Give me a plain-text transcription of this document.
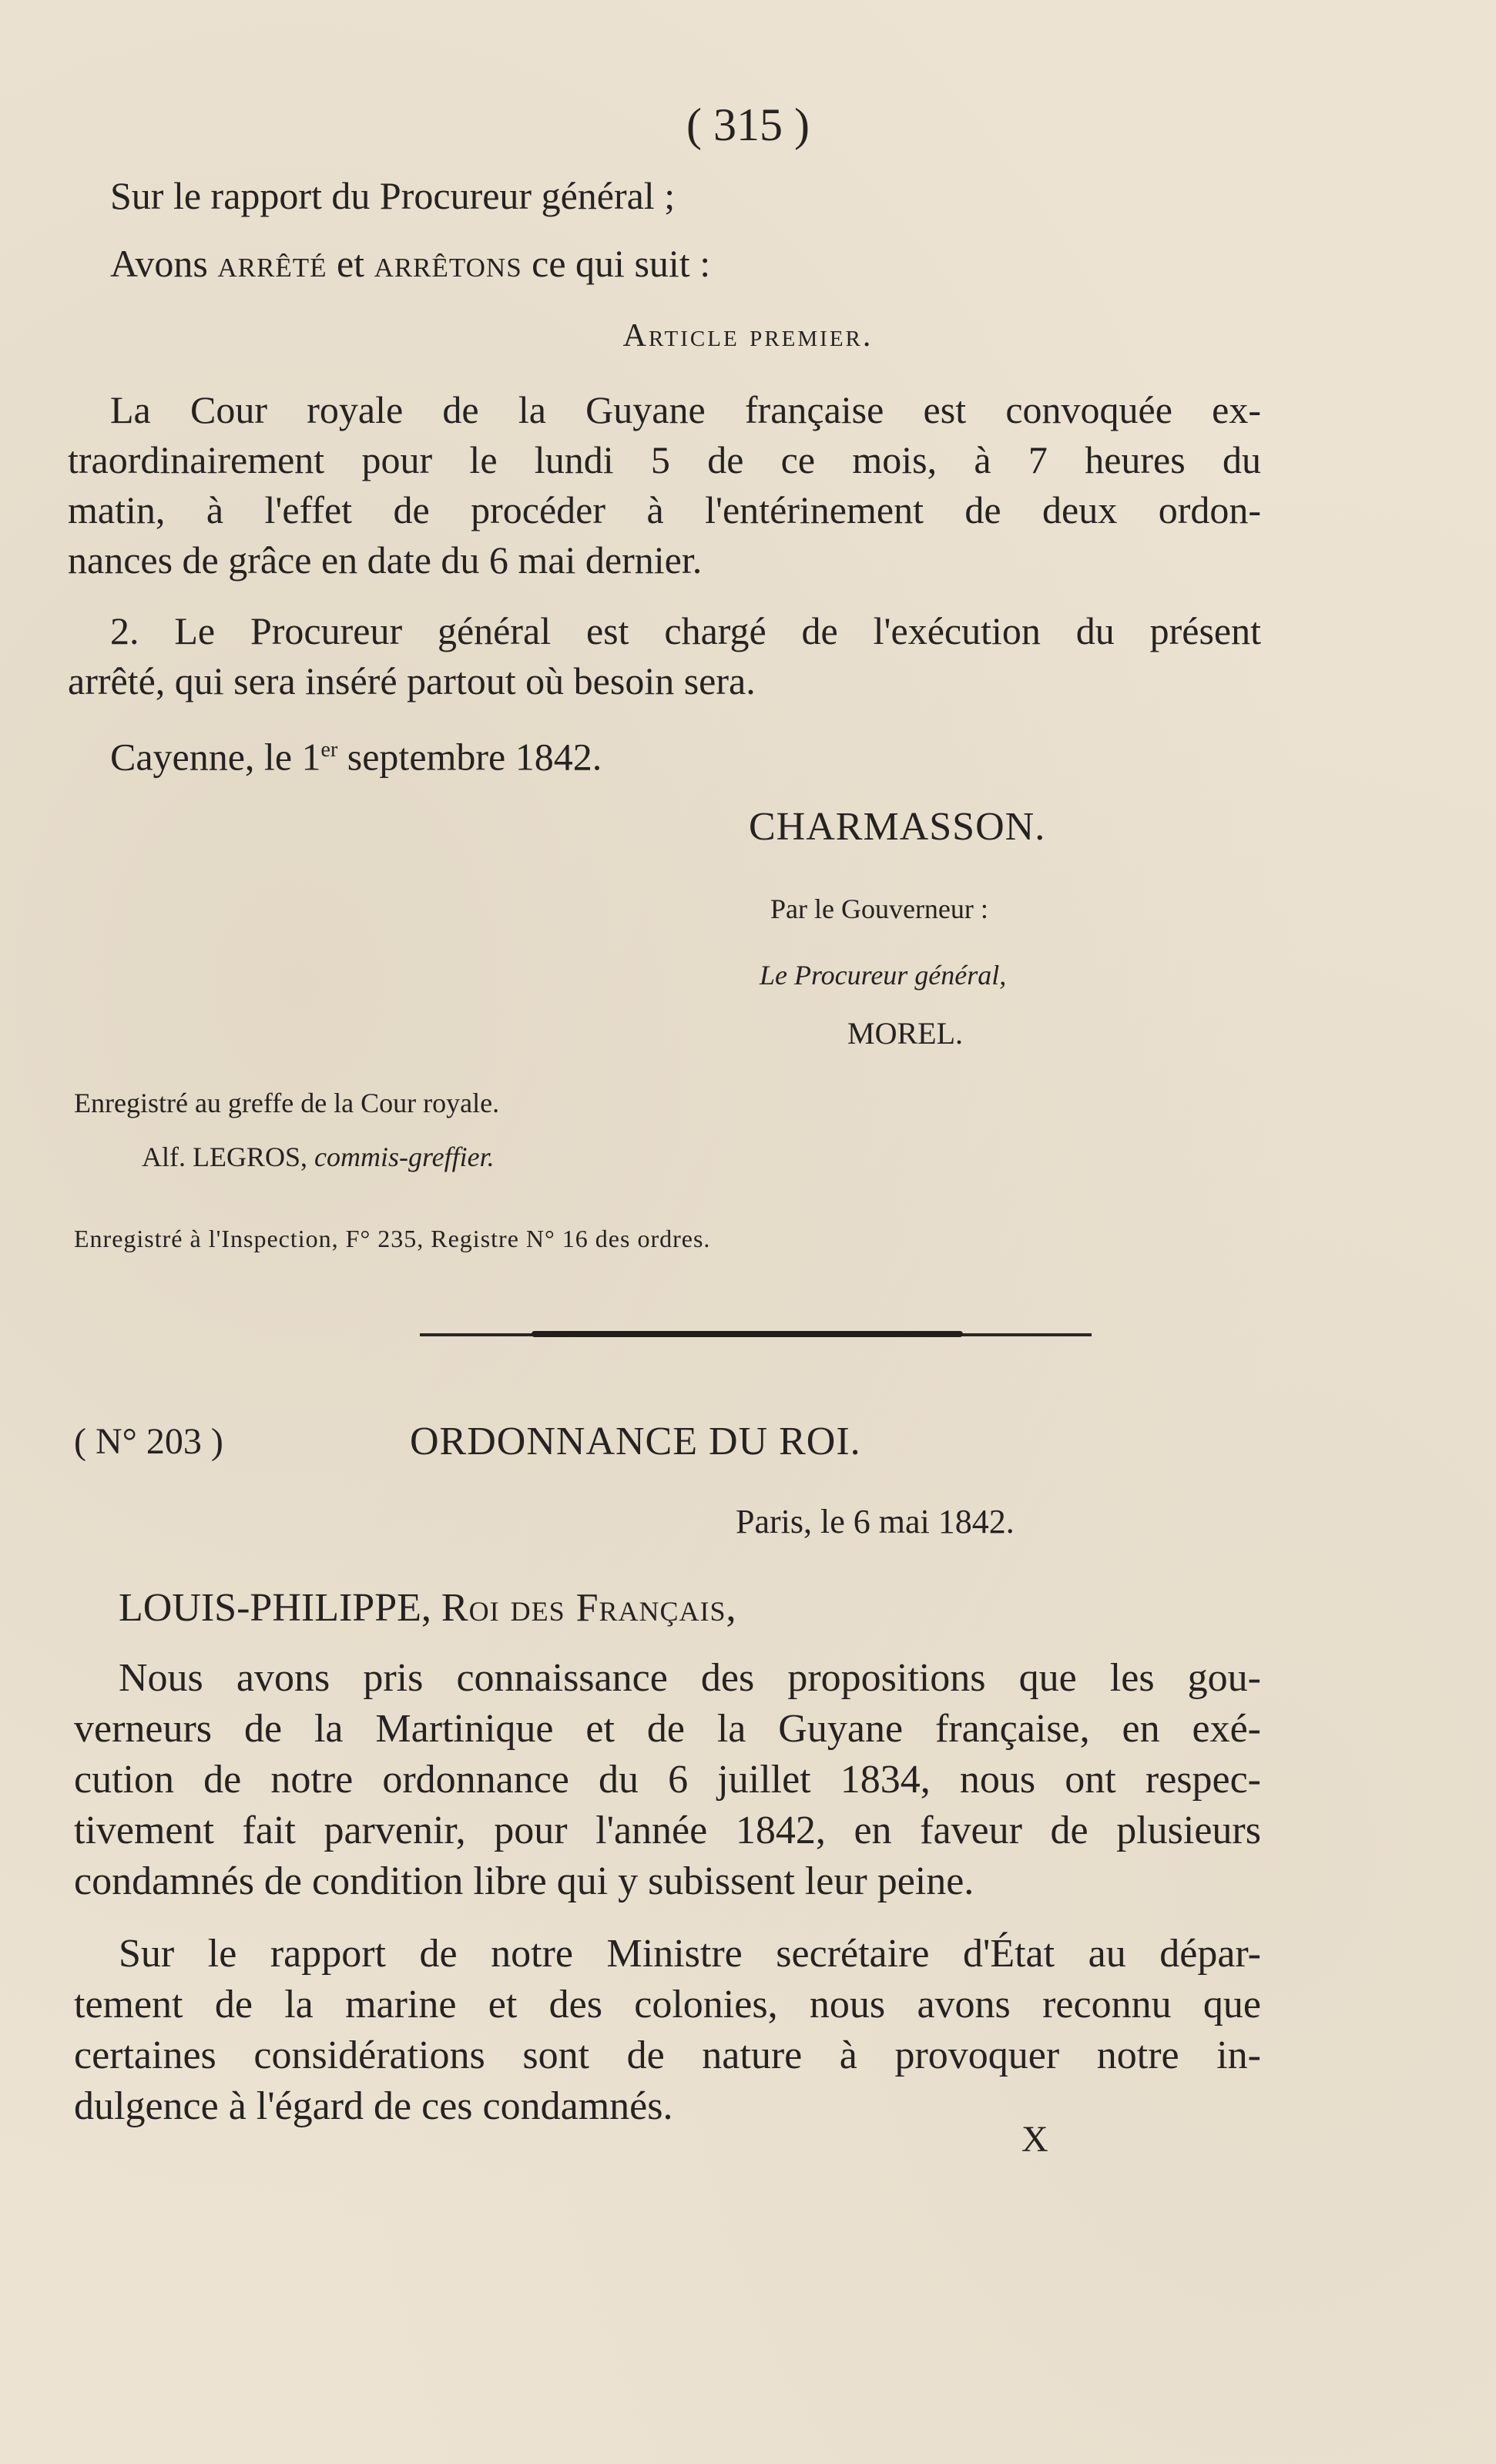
( 315 )
Sur le rapport du Procureur général ;
Avons arrêté et arrêtons ce qui suit :
Article premier.
La Cour royale de la Guyane française est convoquée ex-
traordinairement pour le lundi 5 de ce mois, à 7 heures du
matin, à l'effet de procéder à l'entérinement de deux ordon-
nances de grâce en date du 6 mai dernier.
2. Le Procureur général est chargé de l'exécution du présent
arrêté, qui sera inséré partout où besoin sera.
Cayenne, le 1er septembre 1842.
CHARMASSON.
Par le Gouverneur :
Le Procureur général,
MOREL.
Enregistré au greffe de la Cour royale.
Alf. LEGROS, commis-greffier.
Enregistré à l'Inspection, F° 235, Registre N° 16 des ordres.
( N° 203 )	ORDONNANCE DU ROI.
Paris, le 6 mai 1842.
LOUIS-PHILIPPE, Roi des Français,
Nous avons pris connaissance des propositions que les gou-
verneurs de la Martinique et de la Guyane française, en exé-
cution de notre ordonnance du 6 juillet 1834, nous ont respec-
tivement fait parvenir, pour l'année 1842, en faveur de plusieurs
condamnés de condition libre qui y subissent leur peine.
Sur le rapport de notre Ministre secrétaire d'État au dépar-
tement de la marine et des colonies, nous avons reconnu que
certaines considérations sont de nature à provoquer notre in-
dulgence à l'égard de ces condamnés.
X
